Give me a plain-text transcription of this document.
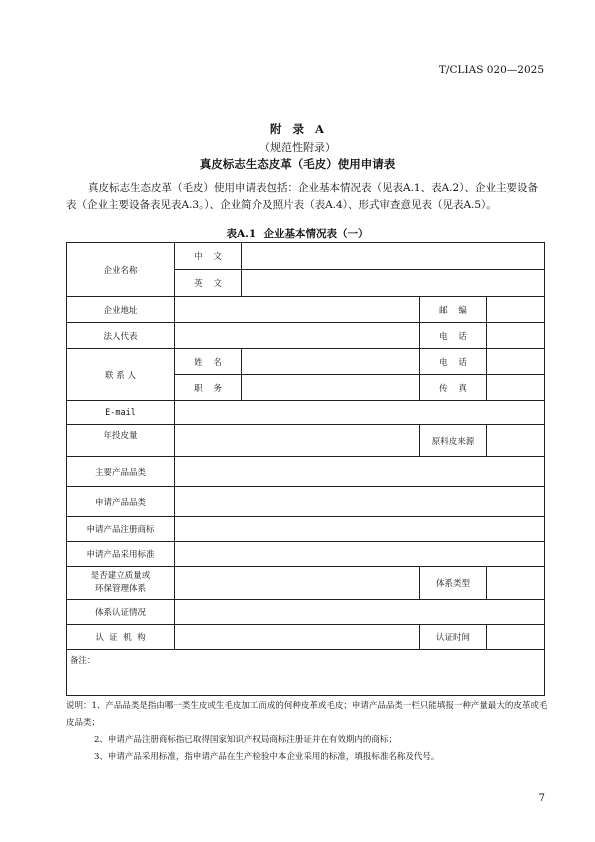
T/CLIAS 020—2025
附  录  A
（规范性附录）
真皮标志生态皮革（毛皮）使用申请表
真皮标志生态皮革（毛皮）使用申请表包括：企业基本情况表（见表A.1、表A.2）、企业主要设备表（企业主要设备表见表A.3。）、企业简介及照片表（表A.4）、形式审查意见表（见表A.5）。
表A.1  企业基本情况表（一）
企业名称	中    文			
	英    文			
企业地址			邮    编	
法人代表			电    话	
联 系 人	姓    名		电    话	
	职    务		传    真	
E-mail				
年投皮量			原料皮来源	
主要产品品类				
申请产品品类				
申请产品注册商标				
申请产品采用标准				

是否建立质量或
环保管理体系			体系类型	
体系认证情况				
认  证  机  构			认证时间	
备注：				
说明：1、产品品类是指由哪一类生皮或生毛皮加工而成的何种皮革或毛皮；申请产品品类一栏只能填报一种产量最大的皮革或毛皮品类；
2、申请产品注册商标指已取得国家知识产权局商标注册证并在有效期内的商标；
3、申请产品采用标准，指申请产品在生产检验中本企业采用的标准，填报标准名称及代号。
7
